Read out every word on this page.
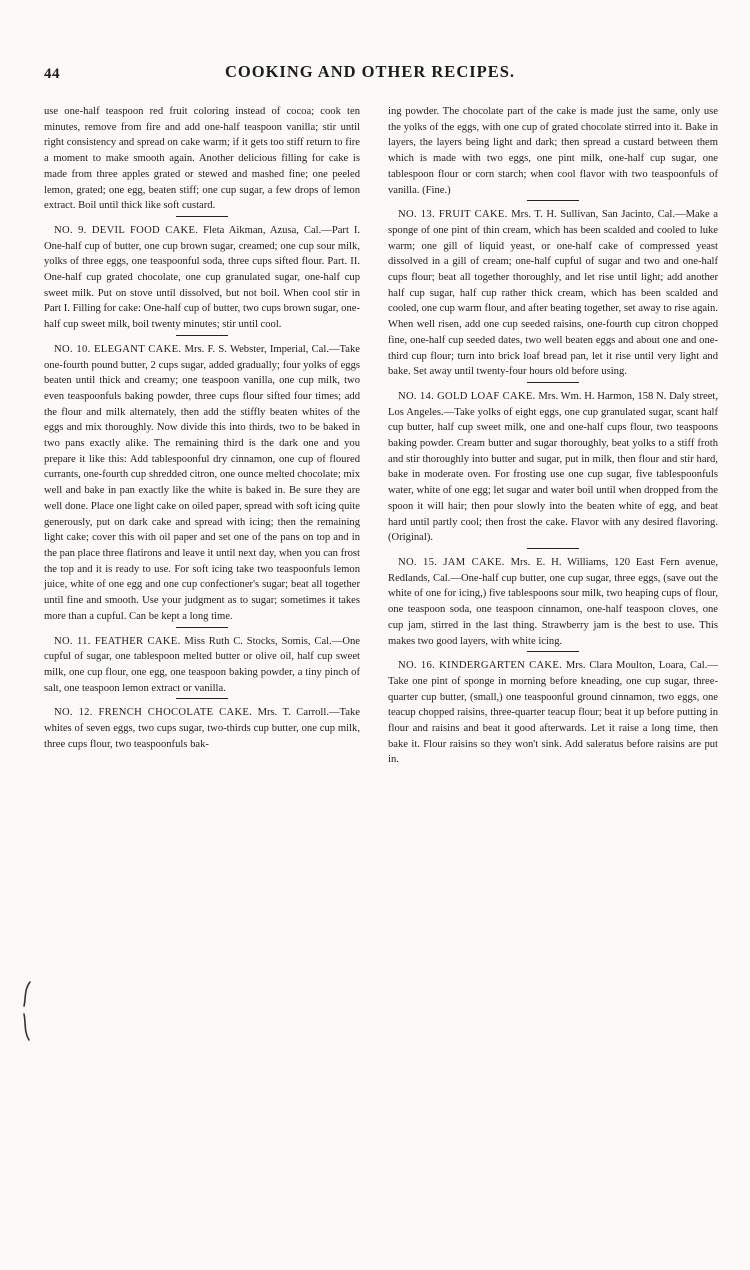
44	COOKING AND OTHER RECIPES.

use one-half teaspoon red fruit coloring instead of cocoa; cook ten minutes, remove from fire and add one-half teaspoon vanilla; stir until right consistency and spread on cake warm; if it gets too stiff return to fire a moment to make smooth again. Another delicious filling for cake is made from three apples grated or stewed and mashed fine; one peeled lemon, grated; one egg, beaten stiff; one cup sugar, a few drops of lemon extract. Boil until thick like soft custard.

NO. 9. DEVIL FOOD CAKE. Fleta Aikman, Azusa, Cal.—Part I. One-half cup of butter, one cup brown sugar, creamed; one cup sour milk, yolks of three eggs, one teaspoonful soda, three cups sifted flour. Part. II. One-half cup grated chocolate, one cup granulated sugar, one-half cup sweet milk. Put on stove until dissolved, but not boil. When cool stir in Part I. Filling for cake: One-half cup of butter, two cups brown sugar, one-half cup sweet milk, boil twenty minutes; stir until cool.

NO. 10. ELEGANT CAKE. Mrs. F. S. Webster, Imperial, Cal.—Take one-fourth pound butter, 2 cups sugar, added gradually; four yolks of eggs beaten until thick and creamy; one teaspoon vanilla, one cup milk, two even teaspoonfuls baking powder, three cups flour sifted four times; add the flour and milk alternately, then add the stiffly beaten whites of the eggs and mix thoroughly. Now divide this into thirds, two to be baked in two pans exactly alike. The remaining third is the dark one and you prepare it like this: Add tablespoonful dry cinnamon, one cup of floured currants, one-fourth cup shredded citron, one ounce melted chocolate; mix well and bake in pan exactly like the white is baked in. Be sure they are well done. Place one light cake on oiled paper, spread with soft icing quite generously, put on dark cake and spread with icing; then the remaining light cake; cover this with oil paper and set one of the pans on top and in the pan place three flatirons and leave it until next day, when you can frost the top and it is ready to use. For soft icing take two teaspoonfuls lemon juice, white of one egg and one cup confectioner's sugar; beat all together until fine and smooth. Use your judgment as to sugar; sometimes it takes more than a cupful. Can be kept a long time.

NO. 11. FEATHER CAKE. Miss Ruth C. Stocks, Somis, Cal.—One cupful of sugar, one tablespoon melted butter or olive oil, half cup sweet milk, one cup flour, one egg, one teaspoon baking powder, a tiny pinch of salt, one teaspoon lemon extract or vanilla.

NO. 12. FRENCH CHOCOLATE CAKE. Mrs. T. Carroll.—Take whites of seven eggs, two cups sugar, two-thirds cup butter, one cup milk, three cups flour, two teaspoonfuls bak-

ing powder. The chocolate part of the cake is made just the same, only use the yolks of the eggs, with one cup of grated chocolate stirred into it. Bake in layers, the layers being light and dark; then spread a custard between them which is made with two eggs, one pint milk, one-half cup sugar, one tablespoon flour or corn starch; when cool flavor with two teaspoonfuls of vanilla. (Fine.)

NO. 13. FRUIT CAKE. Mrs. T. H. Sullivan, San Jacinto, Cal.—Make a sponge of one pint of thin cream, which has been scalded and cooled to luke warm; one gill of liquid yeast, or one-half cake of compressed yeast dissolved in a gill of cream; one-half cupful of sugar and two and one-half cups flour; beat all together thoroughly, and let rise until light; add another half cup sugar, half cup rather thick cream, which has been scalded and cooled, one cup warm flour, and after beating together, set away to rise again. When well risen, add one cup seeded raisins, one-fourth cup citron chopped fine, one-half cup seeded dates, two well beaten eggs and about one and one-third cup flour; turn into brick loaf bread pan, let it rise until very light and bake. Set away until twenty-four hours old before using.

NO. 14. GOLD LOAF CAKE. Mrs. Wm. H. Harmon, 158 N. Daly street, Los Angeles.—Take yolks of eight eggs, one cup granulated sugar, scant half cup butter, half cup sweet milk, one and one-half cups flour, two teaspoons baking powder. Cream butter and sugar thoroughly, beat yolks to a stiff froth and stir thoroughly into butter and sugar, put in milk, then flour and stir hard, bake in moderate oven. For frosting use one cup sugar, five tablespoonfuls water, white of one egg; let sugar and water boil until when dropped from the spoon it will hair; then pour slowly into the beaten white of egg, and beat hard until partly cool; then frost the cake. Flavor with any desired flavoring. (Original).

NO. 15. JAM CAKE. Mrs. E. H. Williams, 120 East Fern avenue, Redlands, Cal.—One-half cup butter, one cup sugar, three eggs, (save out the white of one for icing,) five tablespoons sour milk, two heaping cups of flour, one teaspoon soda, one teaspoon cinnamon, one-half teaspoon cloves, one cup jam, stirred in the last thing. Strawberry jam is the best to use. This makes two good layers, with white icing.

NO. 16. KINDERGARTEN CAKE. Mrs. Clara Moulton, Loara, Cal.—Take one pint of sponge in morning before kneading, one cup sugar, three-quarter cup butter, (small,) one teaspoonful ground cinnamon, two eggs, one teacup chopped raisins, three-quarter teacup flour; beat it up before putting in flour and raisins and beat it good afterwards. Let it raise a long time, then bake it. Flour raisins so they won't sink. Add saleratus before raisins are put in.
